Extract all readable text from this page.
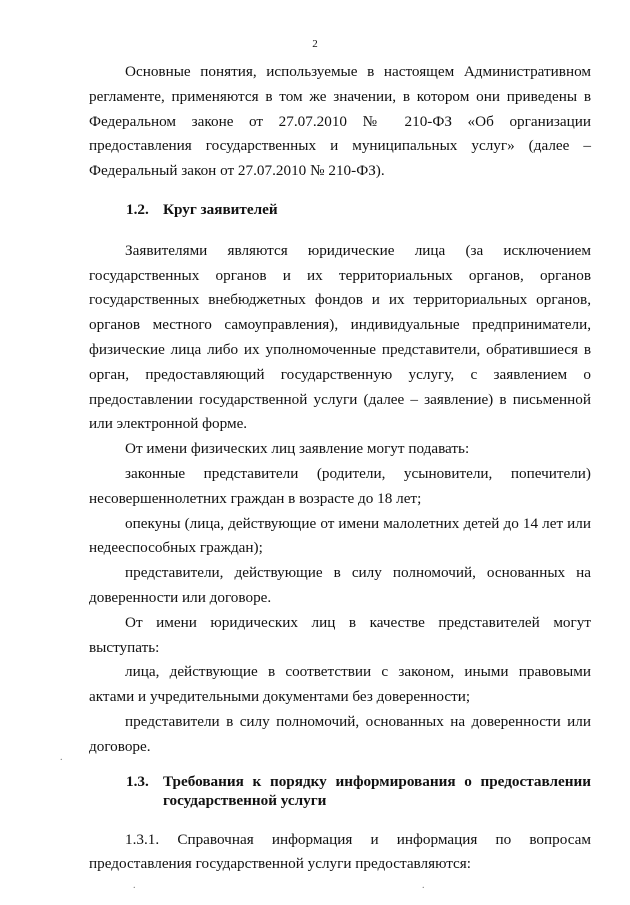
2

Основные понятия, используемые в настоящем Административном регламенте, применяются в том же значении, в котором они приведены в Федеральном законе от 27.07.2010 № 210-ФЗ «Об организации предоставления государственных и муниципальных услуг» (далее – Федеральный закон от 27.07.2010 № 210-ФЗ).

1.2. Круг заявителей

Заявителями являются юридические лица (за исключением государственных органов и их территориальных органов, органов государственных внебюджетных фондов и их территориальных органов, органов местного самоуправления), индивидуальные предприниматели, физические лица либо их уполномоченные представители, обратившиеся в орган, предоставляющий государственную услугу, с заявлением о предоставлении государственной услуги (далее – заявление) в письменной или электронной форме.

От имени физических лиц заявление могут подавать:

законные представители (родители, усыновители, попечители) несовершеннолетних граждан в возрасте до 18 лет;

опекуны (лица, действующие от имени малолетних детей до 14 лет или недееспособных граждан);

представители, действующие в силу полномочий, основанных на доверенности или договоре.

От имени юридических лиц в качестве представителей могут выступать:

лица, действующие в соответствии с законом, иными правовыми актами и учредительными документами без доверенности;

представители в силу полномочий, основанных на доверенности или договоре.

1.3. Требования к порядку информирования о предоставлении государственной услуги

1.3.1. Справочная информация и информация по вопросам предоставления государственной услуги предоставляются:

.
.	.
